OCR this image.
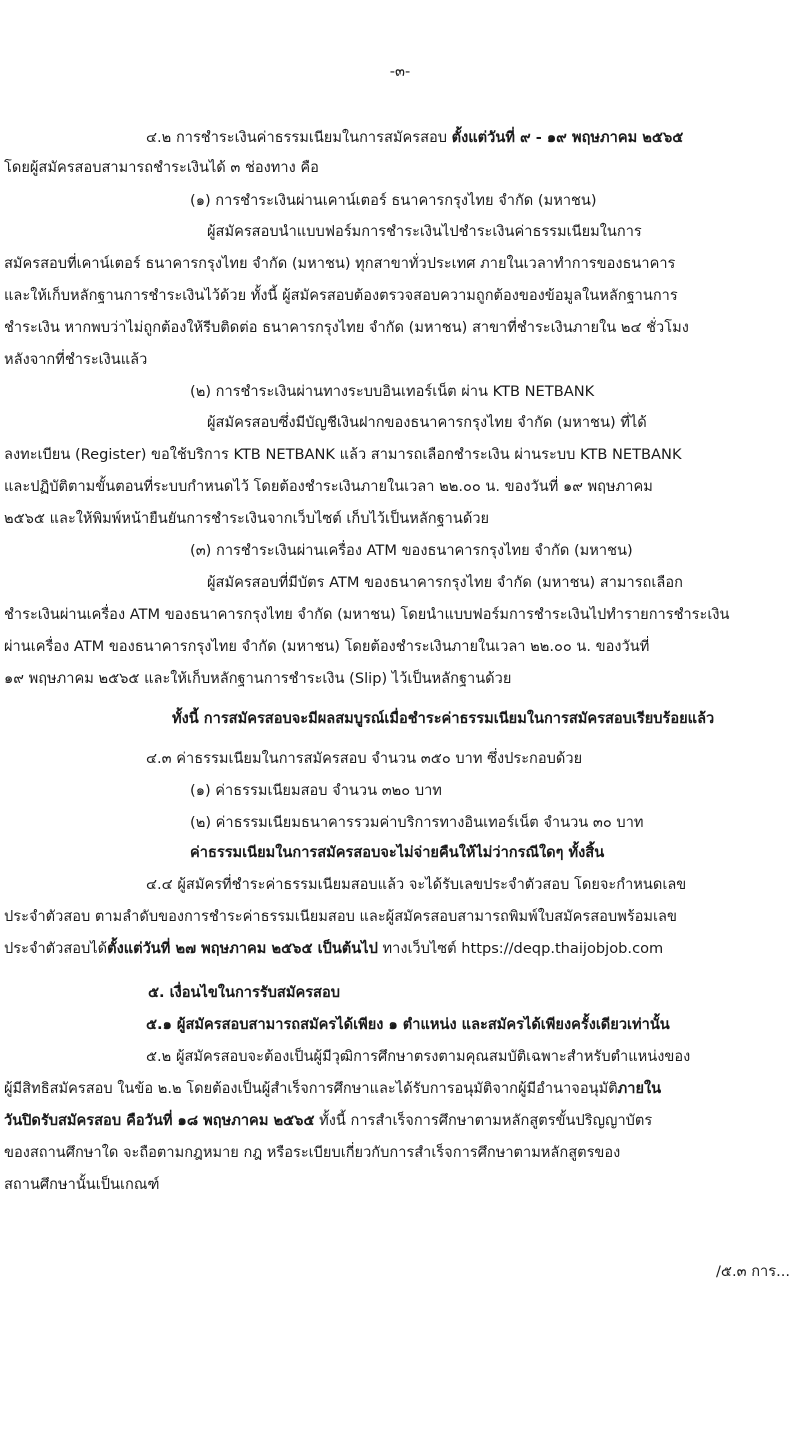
-๓-
๔.๒ การชำระเงินค่าธรรมเนียมในการสมัครสอบ ตั้งแต่วันที่ ๙ - ๑๙ พฤษภาคม ๒๕๖๕
โดยผู้สมัครสอบสามารถชำระเงินได้ ๓ ช่องทาง คือ
(๑) การชำระเงินผ่านเคาน์เตอร์ ธนาคารกรุงไทย จำกัด (มหาชน)
ผู้สมัครสอบนำแบบฟอร์มการชำระเงินไปชำระเงินค่าธรรมเนียมในการ
สมัครสอบที่เคาน์เตอร์ ธนาคารกรุงไทย จำกัด (มหาชน) ทุกสาขาทั่วประเทศ ภายในเวลาทำการของธนาคาร
และให้เก็บหลักฐานการชำระเงินไว้ด้วย ทั้งนี้ ผู้สมัครสอบต้องตรวจสอบความถูกต้องของข้อมูลในหลักฐานการ
ชำระเงิน หากพบว่าไม่ถูกต้องให้รีบติดต่อ ธนาคารกรุงไทย จำกัด (มหาชน) สาขาที่ชำระเงินภายใน ๒๔ ชั่วโมง
หลังจากที่ชำระเงินแล้ว
(๒) การชำระเงินผ่านทางระบบอินเทอร์เน็ต ผ่าน KTB NETBANK
ผู้สมัครสอบซึ่งมีบัญชีเงินฝากของธนาคารกรุงไทย จำกัด (มหาชน) ที่ได้
ลงทะเบียน (Register) ขอใช้บริการ KTB NETBANK แล้ว สามารถเลือกชำระเงิน ผ่านระบบ KTB NETBANK
และปฏิบัติตามขั้นตอนที่ระบบกำหนดไว้ โดยต้องชำระเงินภายในเวลา ๒๒.๐๐ น. ของวันที่ ๑๙ พฤษภาคม
๒๕๖๕ และให้พิมพ์หน้ายืนยันการชำระเงินจากเว็บไซต์ เก็บไว้เป็นหลักฐานด้วย
(๓) การชำระเงินผ่านเครื่อง ATM ของธนาคารกรุงไทย จำกัด (มหาชน)
ผู้สมัครสอบที่มีบัตร ATM ของธนาคารกรุงไทย จำกัด (มหาชน) สามารถเลือก
ชำระเงินผ่านเครื่อง ATM ของธนาคารกรุงไทย จำกัด (มหาชน) โดยนำแบบฟอร์มการชำระเงินไปทำรายการชำระเงิน
ผ่านเครื่อง ATM ของธนาคารกรุงไทย จำกัด (มหาชน) โดยต้องชำระเงินภายในเวลา ๒๒.๐๐ น. ของวันที่
๑๙ พฤษภาคม ๒๕๖๕ และให้เก็บหลักฐานการชำระเงิน (Slip) ไว้เป็นหลักฐานด้วย
ทั้งนี้ การสมัครสอบจะมีผลสมบูรณ์เมื่อชำระค่าธรรมเนียมในการสมัครสอบเรียบร้อยแล้ว
๔.๓ ค่าธรรมเนียมในการสมัครสอบ จำนวน ๓๕๐ บาท ซึ่งประกอบด้วย
(๑) ค่าธรรมเนียมสอบ จำนวน ๓๒๐ บาท
(๒) ค่าธรรมเนียมธนาคารรวมค่าบริการทางอินเทอร์เน็ต จำนวน ๓๐ บาท
ค่าธรรมเนียมในการสมัครสอบจะไม่จ่ายคืนให้ไม่ว่ากรณีใดๆ ทั้งสิ้น
๔.๔ ผู้สมัครที่ชำระค่าธรรมเนียมสอบแล้ว จะได้รับเลขประจำตัวสอบ โดยจะกำหนดเลข
ประจำตัวสอบ ตามลำดับของการชำระค่าธรรมเนียมสอบ และผู้สมัครสอบสามารถพิมพ์ใบสมัครสอบพร้อมเลข
ประจำตัวสอบได้ตั้งแต่วันที่ ๒๗ พฤษภาคม ๒๕๖๕ เป็นต้นไป ทางเว็บไซต์ https://deqp.thaijobjob.com
๕. เงื่อนไขในการรับสมัครสอบ
๕.๑ ผู้สมัครสอบสามารถสมัครได้เพียง ๑ ตำแหน่ง และสมัครได้เพียงครั้งเดียวเท่านั้น
๕.๒ ผู้สมัครสอบจะต้องเป็นผู้มีวุฒิการศึกษาตรงตามคุณสมบัติเฉพาะสำหรับตำแหน่งของ
ผู้มีสิทธิสมัครสอบ ในข้อ ๒.๒ โดยต้องเป็นผู้สำเร็จการศึกษาและได้รับการอนุมัติจากผู้มีอำนาจอนุมัติภายใน
วันปิดรับสมัครสอบ คือวันที่ ๑๘ พฤษภาคม ๒๕๖๕ ทั้งนี้ การสำเร็จการศึกษาตามหลักสูตรขั้นปริญญาบัตร
ของสถานศึกษาใด จะถือตามกฎหมาย กฎ หรือระเบียบเกี่ยวกับการสำเร็จการศึกษาตามหลักสูตรของ
สถานศึกษานั้นเป็นเกณฑ์
/๕.๓ การ...
